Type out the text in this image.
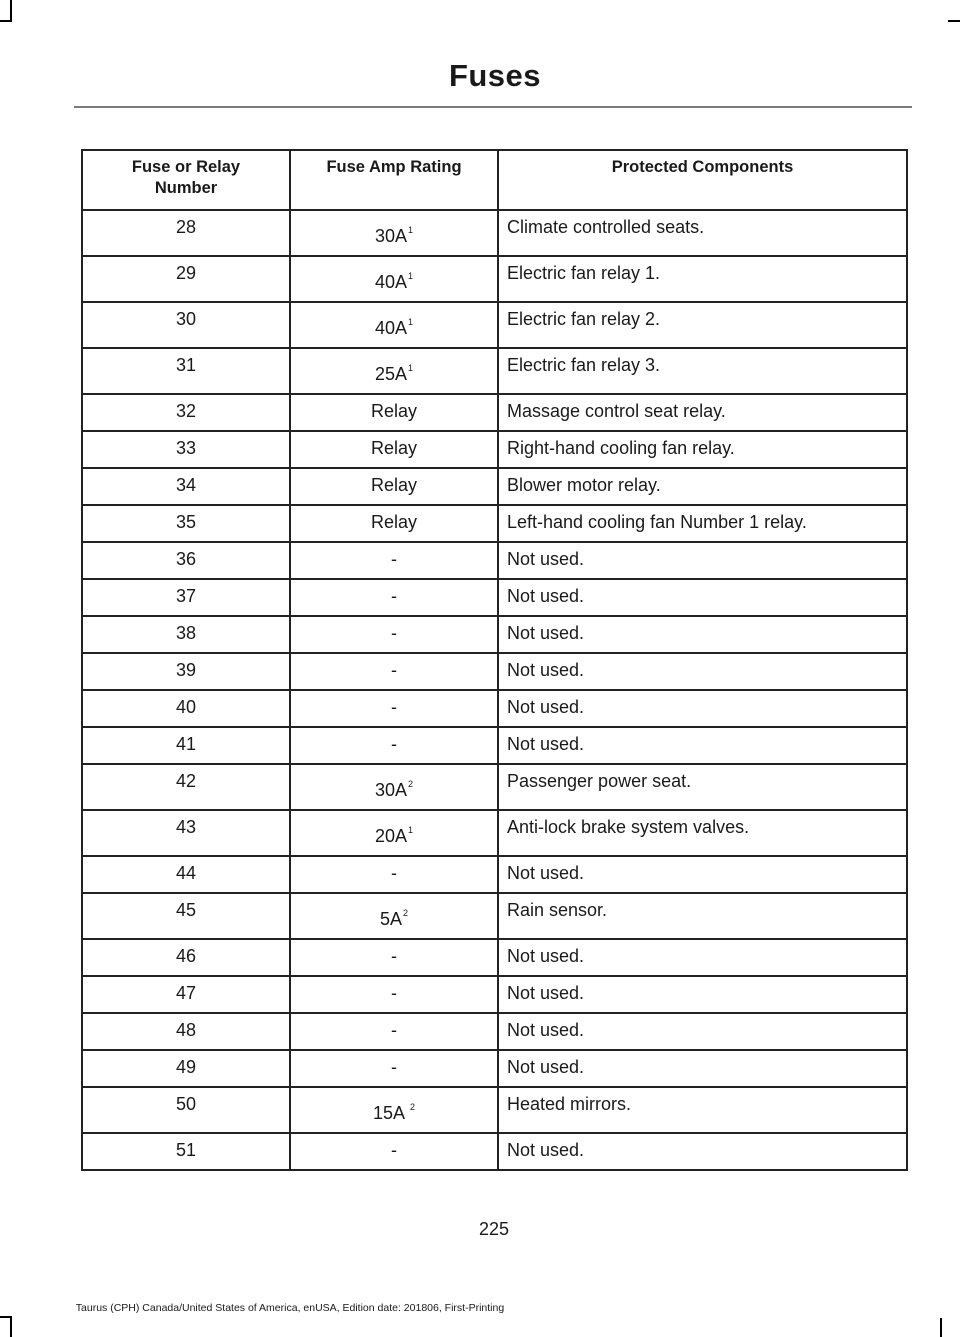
Fuses
Fuse or Relay
Number	Fuse Amp Rating	Protected Components
28	30A$^1$	Climate controlled seats.
29	40A$^1$	Electric fan relay 1.
30	40A$^1$	Electric fan relay 2.
31	25A$^1$	Electric fan relay 3.
32	Relay	Massage control seat relay.
33	Relay	Right-hand cooling fan relay.
34	Relay	Blower motor relay.
35	Relay	Left-hand cooling fan Number 1 relay.
36	-	Not used.
37	-	Not used.
38	-	Not used.
39	-	Not used.
40	-	Not used.
41	-	Not used.
42	30A$^2$	Passenger power seat.
43	20A$^1$	Anti-lock brake system valves.
44	-	Not used.
45	5A$^2$	Rain sensor.
46	-	Not used.
47	-	Not used.
48	-	Not used.
49	-	Not used.
50	15A $^2$	Heated mirrors.
51	-	Not used.
225
Taurus (CPH) Canada/United States of America, enUSA, Edition date: 201806, First-Printing
